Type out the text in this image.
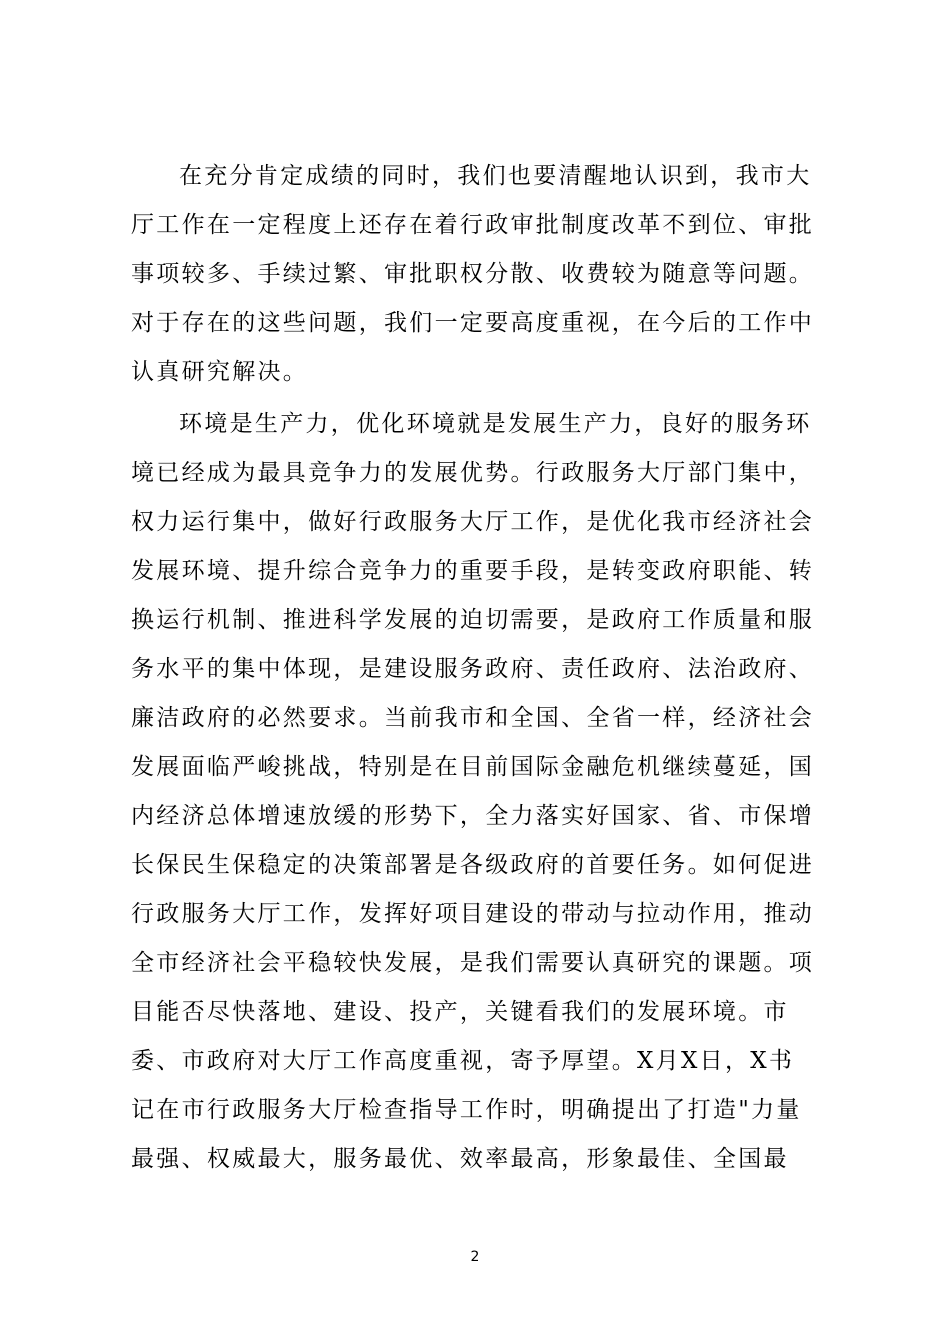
在充分肯定成绩的同时，我们也要清醒地认识到，我市大
厅工作在一定程度上还存在着行政审批制度改革不到位、审批
事项较多、手续过繁、审批职权分散、收费较为随意等问题。
对于存在的这些问题，我们一定要高度重视，在今后的工作中
认真研究解决。
环境是生产力，优化环境就是发展生产力，良好的服务环
境已经成为最具竞争力的发展优势。行政服务大厅部门集中，
权力运行集中，做好行政服务大厅工作，是优化我市经济社会
发展环境、提升综合竞争力的重要手段，是转变政府职能、转
换运行机制、推进科学发展的迫切需要，是政府工作质量和服
务水平的集中体现，是建设服务政府、责任政府、法治政府、
廉洁政府的必然要求。当前我市和全国、全省一样，经济社会
发展面临严峻挑战，特别是在目前国际金融危机继续蔓延，国
内经济总体增速放缓的形势下，全力落实好国家、省、市保增
长保民生保稳定的决策部署是各级政府的首要任务。如何促进
行政服务大厅工作，发挥好项目建设的带动与拉动作用，推动
全市经济社会平稳较快发展，是我们需要认真研究的课题。项
目能否尽快落地、建设、投产，关键看我们的发展环境。市
委、市政府对大厅工作高度重视，寄予厚望。X月X日，X书
记在市行政服务大厅检查指导工作时，明确提出了打造"力量
最强、权威最大，服务最优、效率最高，形象最佳、全国最
2
